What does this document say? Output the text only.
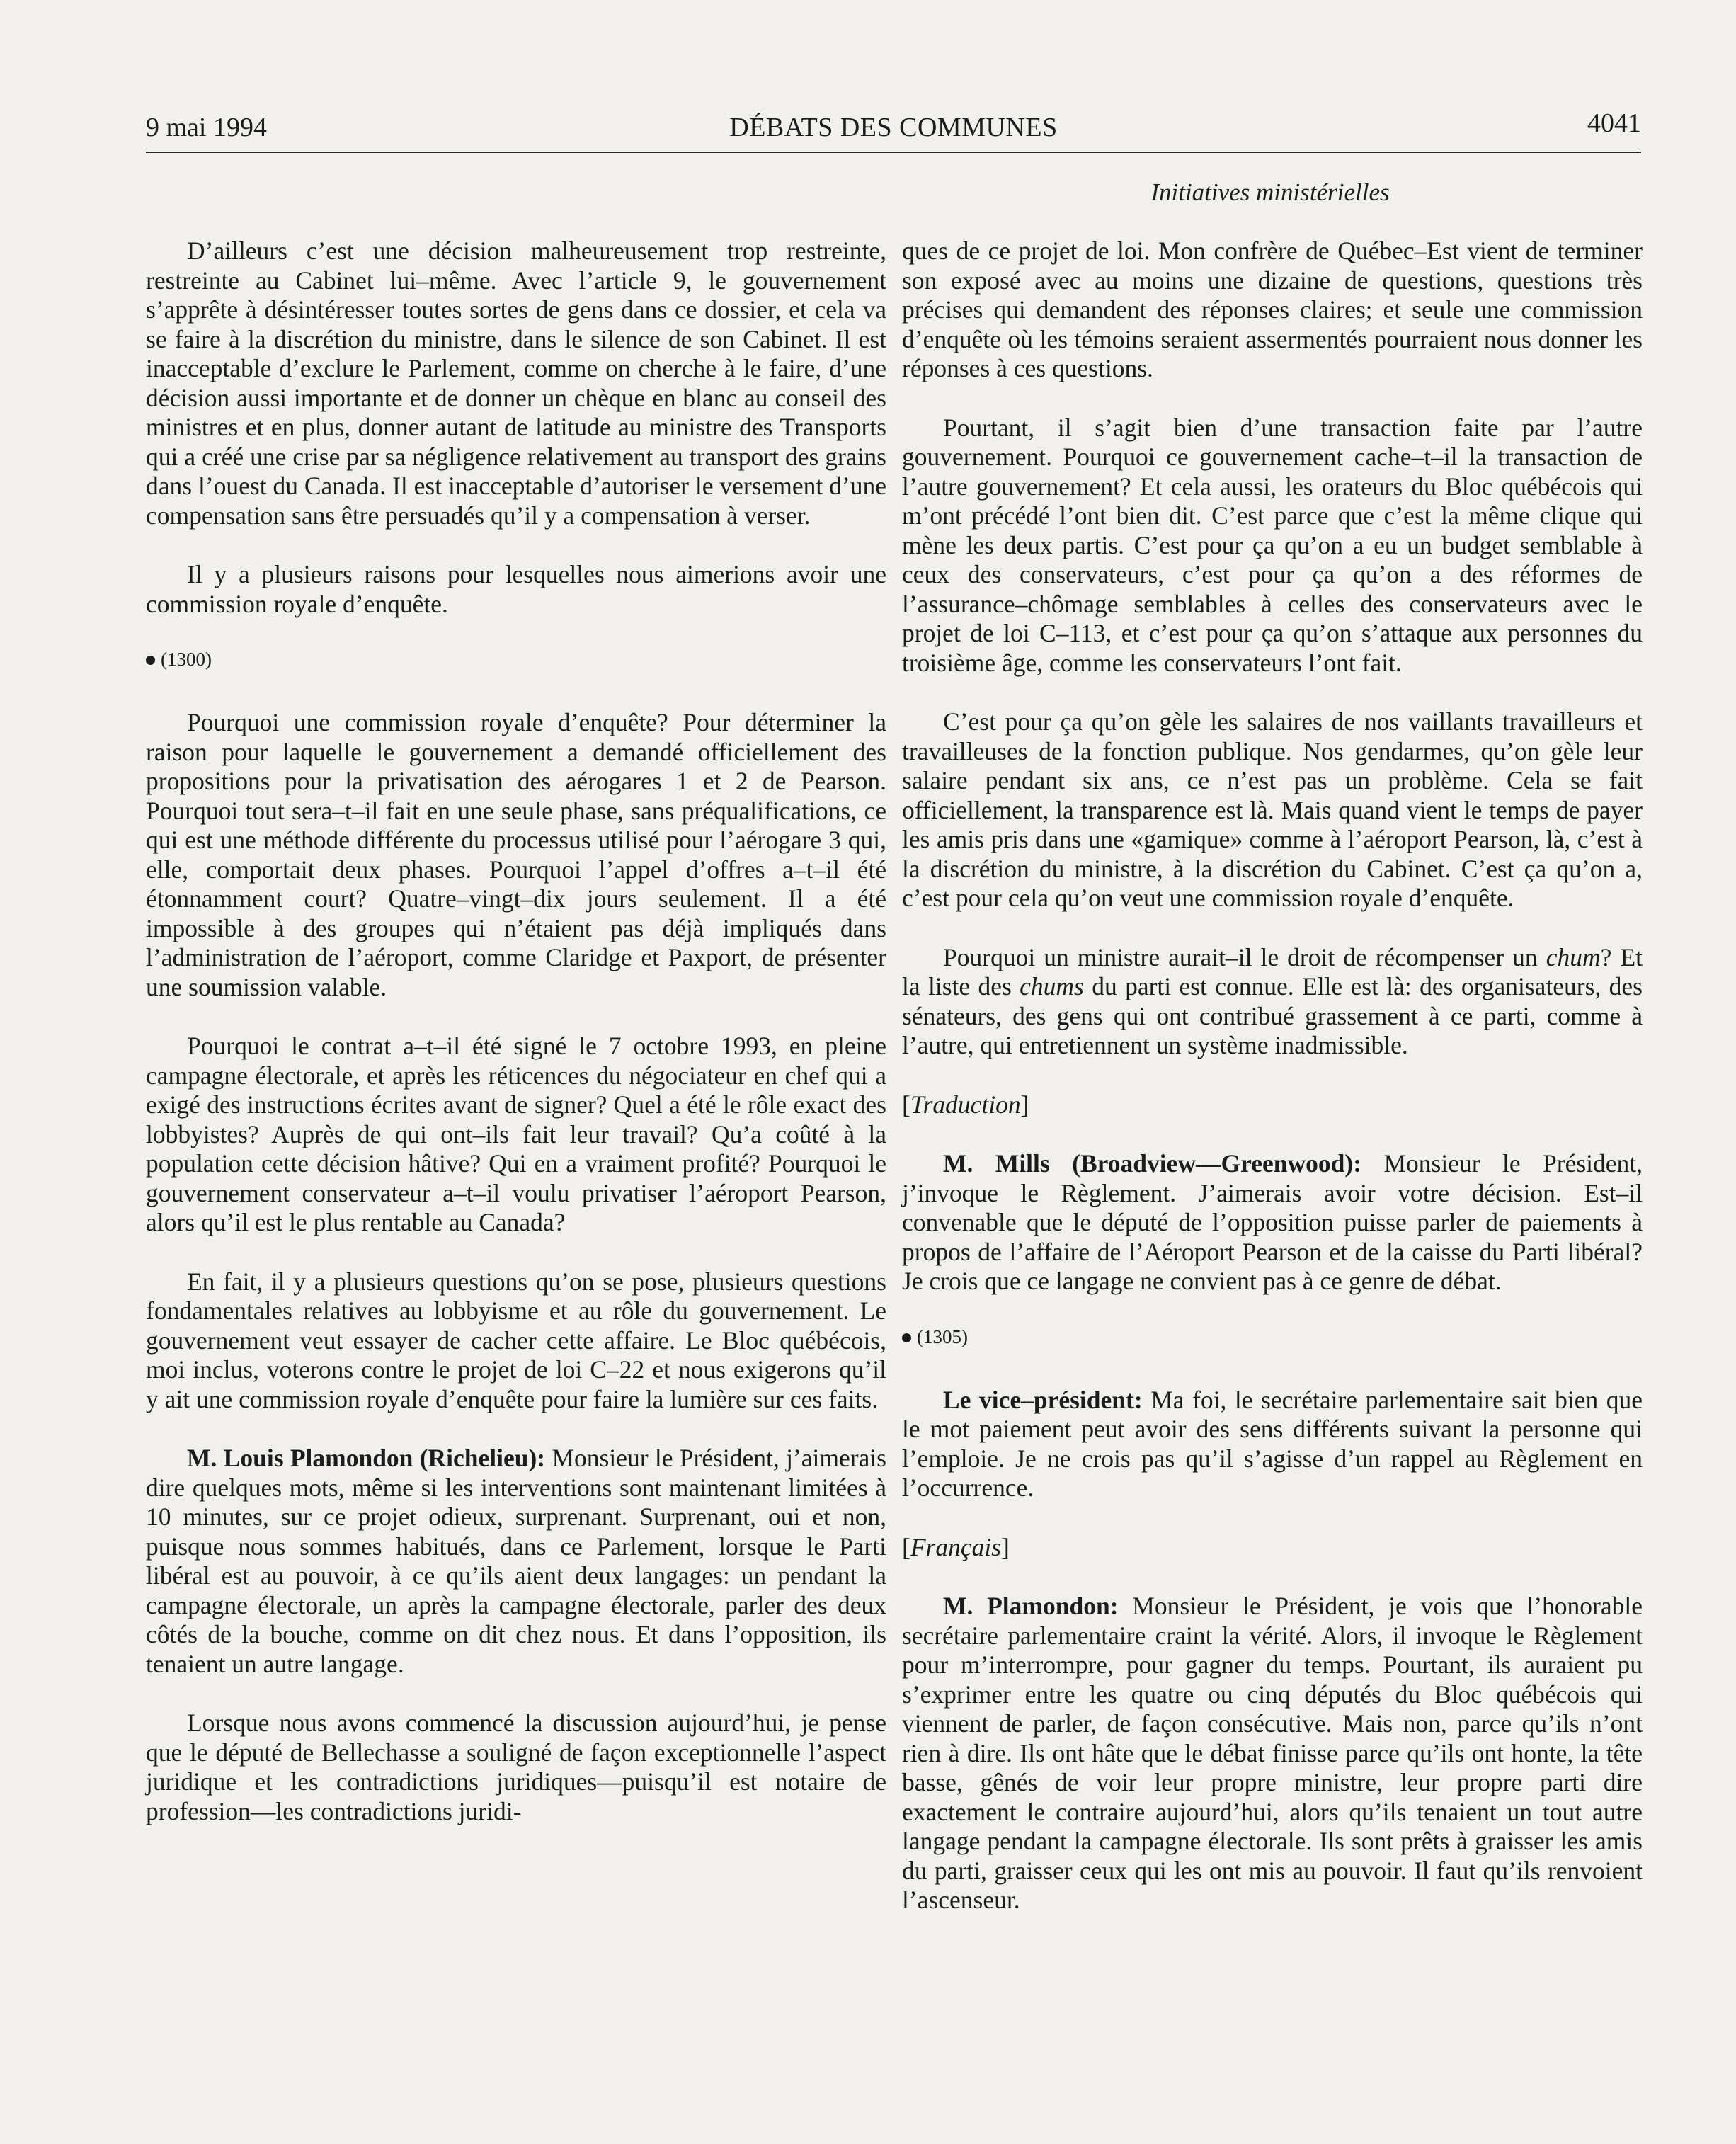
9 mai 1994	DÉBATS DES COMMUNES	4041
Initiatives ministérielles

D’ailleurs c’est une décision malheureusement trop restreinte, restreinte au Cabinet lui–même. Avec l’article 9, le gouvernement s’apprête à désintéresser toutes sortes de gens dans ce dossier, et cela va se faire à la discrétion du ministre, dans le silence de son Cabinet. Il est inacceptable d’exclure le Parlement, comme on cherche à le faire, d’une décision aussi importante et de donner un chèque en blanc au conseil des ministres et en plus, donner autant de latitude au ministre des Transports qui a créé une crise par sa négligence relativement au transport des grains dans l’ouest du Canada. Il est inacceptable d’autoriser le versement d’une compensation sans être persuadés qu’il y a compensation à verser.

Il y a plusieurs raisons pour lesquelles nous aimerions avoir une commission royale d’enquête.

(1300)

Pourquoi une commission royale d’enquête? Pour déterminer la raison pour laquelle le gouvernement a demandé officiellement des propositions pour la privatisation des aérogares 1 et 2 de Pearson. Pourquoi tout sera–t–il fait en une seule phase, sans préqualifications, ce qui est une méthode différente du processus utilisé pour l’aérogare 3 qui, elle, comportait deux phases. Pourquoi l’appel d’offres a–t–il été étonnamment court? Quatre–vingt–dix jours seulement. Il a été impossible à des groupes qui n’étaient pas déjà impliqués dans l’administration de l’aéroport, comme Claridge et Paxport, de présenter une soumission valable.

Pourquoi le contrat a–t–il été signé le 7 octobre 1993, en pleine campagne électorale, et après les réticences du négociateur en chef qui a exigé des instructions écrites avant de signer? Quel a été le rôle exact des lobbyistes? Auprès de qui ont–ils fait leur travail? Qu’a coûté à la population cette décision hâtive? Qui en a vraiment profité? Pourquoi le gouvernement conservateur a–t–il voulu privatiser l’aéroport Pearson, alors qu’il est le plus rentable au Canada?

En fait, il y a plusieurs questions qu’on se pose, plusieurs questions fondamentales relatives au lobbyisme et au rôle du gouvernement. Le gouvernement veut essayer de cacher cette affaire. Le Bloc québécois, moi inclus, voterons contre le projet de loi C–22 et nous exigerons qu’il y ait une commission royale d’enquête pour faire la lumière sur ces faits.

M. Louis Plamondon (Richelieu): Monsieur le Président, j’aimerais dire quelques mots, même si les interventions sont maintenant limitées à 10 minutes, sur ce projet odieux, surprenant. Surprenant, oui et non, puisque nous sommes habitués, dans ce Parlement, lorsque le Parti libéral est au pouvoir, à ce qu’ils aient deux langages: un pendant la campagne électorale, un après la campagne électorale, parler des deux côtés de la bouche, comme on dit chez nous. Et dans l’opposition, ils tenaient un autre langage.

Lorsque nous avons commencé la discussion aujourd’hui, je pense que le député de Bellechasse a souligné de façon exceptionnelle l’aspect juridique et les contradictions juridiques—puisqu’il est notaire de profession—les contradictions juridi-

ques de ce projet de loi. Mon confrère de Québec–Est vient de terminer son exposé avec au moins une dizaine de questions, questions très précises qui demandent des réponses claires; et seule une commission d’enquête où les témoins seraient assermentés pourraient nous donner les réponses à ces questions.

Pourtant, il s’agit bien d’une transaction faite par l’autre gouvernement. Pourquoi ce gouvernement cache–t–il la transaction de l’autre gouvernement? Et cela aussi, les orateurs du Bloc québécois qui m’ont précédé l’ont bien dit. C’est parce que c’est la même clique qui mène les deux partis. C’est pour ça qu’on a eu un budget semblable à ceux des conservateurs, c’est pour ça qu’on a des réformes de l’assurance–chômage semblables à celles des conservateurs avec le projet de loi C–113, et c’est pour ça qu’on s’attaque aux personnes du troisième âge, comme les conservateurs l’ont fait.

C’est pour ça qu’on gèle les salaires de nos vaillants travailleurs et travailleuses de la fonction publique. Nos gendarmes, qu’on gèle leur salaire pendant six ans, ce n’est pas un problème. Cela se fait officiellement, la transparence est là. Mais quand vient le temps de payer les amis pris dans une «gamique» comme à l’aéroport Pearson, là, c’est à la discrétion du ministre, à la discrétion du Cabinet. C’est ça qu’on a, c’est pour cela qu’on veut une commission royale d’enquête.

Pourquoi un ministre aurait–il le droit de récompenser un chum? Et la liste des chums du parti est connue. Elle est là: des organisateurs, des sénateurs, des gens qui ont contribué grassement à ce parti, comme à l’autre, qui entretiennent un système inadmissible.

[Traduction]

M. Mills (Broadview—Greenwood): Monsieur le Président, j’invoque le Règlement. J’aimerais avoir votre décision. Est–il convenable que le député de l’opposition puisse parler de paiements à propos de l’affaire de l’Aéroport Pearson et de la caisse du Parti libéral? Je crois que ce langage ne convient pas à ce genre de débat.

(1305)

Le vice–président: Ma foi, le secrétaire parlementaire sait bien que le mot paiement peut avoir des sens différents suivant la personne qui l’emploie. Je ne crois pas qu’il s’agisse d’un rappel au Règlement en l’occurrence.

[Français]

M. Plamondon: Monsieur le Président, je vois que l’honorable secrétaire parlementaire craint la vérité. Alors, il invoque le Règlement pour m’interrompre, pour gagner du temps. Pourtant, ils auraient pu s’exprimer entre les quatre ou cinq députés du Bloc québécois qui viennent de parler, de façon consécutive. Mais non, parce qu’ils n’ont rien à dire. Ils ont hâte que le débat finisse parce qu’ils ont honte, la tête basse, gênés de voir leur propre ministre, leur propre parti dire exactement le contraire aujourd’hui, alors qu’ils tenaient un tout autre langage pendant la campagne électorale. Ils sont prêts à graisser les amis du parti, graisser ceux qui les ont mis au pouvoir. Il faut qu’ils renvoient l’ascenseur.
